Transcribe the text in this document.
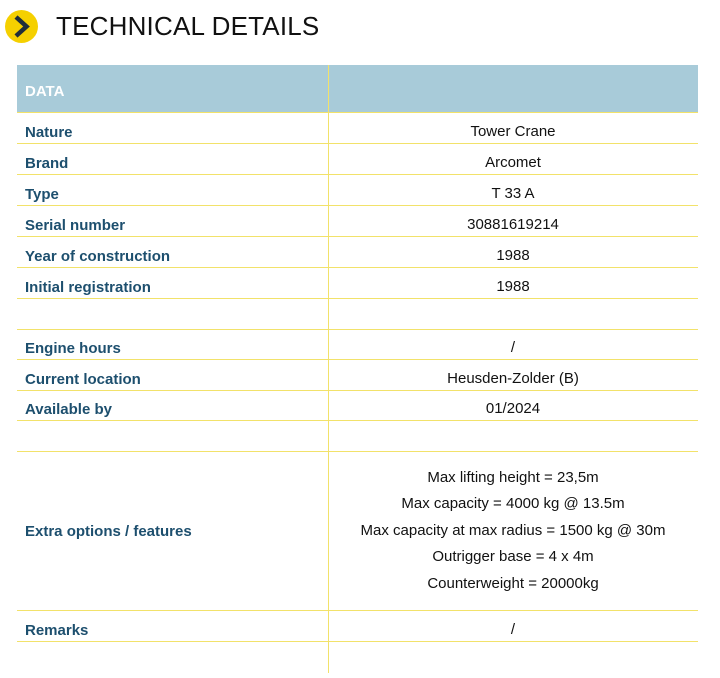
TECHNICAL DETAILS
DATA
Nature	Tower Crane
Brand	Arcomet
Type	T 33 A
Serial number	30881619214
Year of construction	1988
Initial registration	1988
Engine hours	/
Current location	Heusden-Zolder (B)
Available by	01/2024
Extra options / features
Max lifting height = 23,5m
Max capacity = 4000 kg @ 13.5m
Max capacity at max radius = 1500 kg @ 30m
Outrigger base = 4 x 4m
Counterweight = 20000kg
Remarks	/
